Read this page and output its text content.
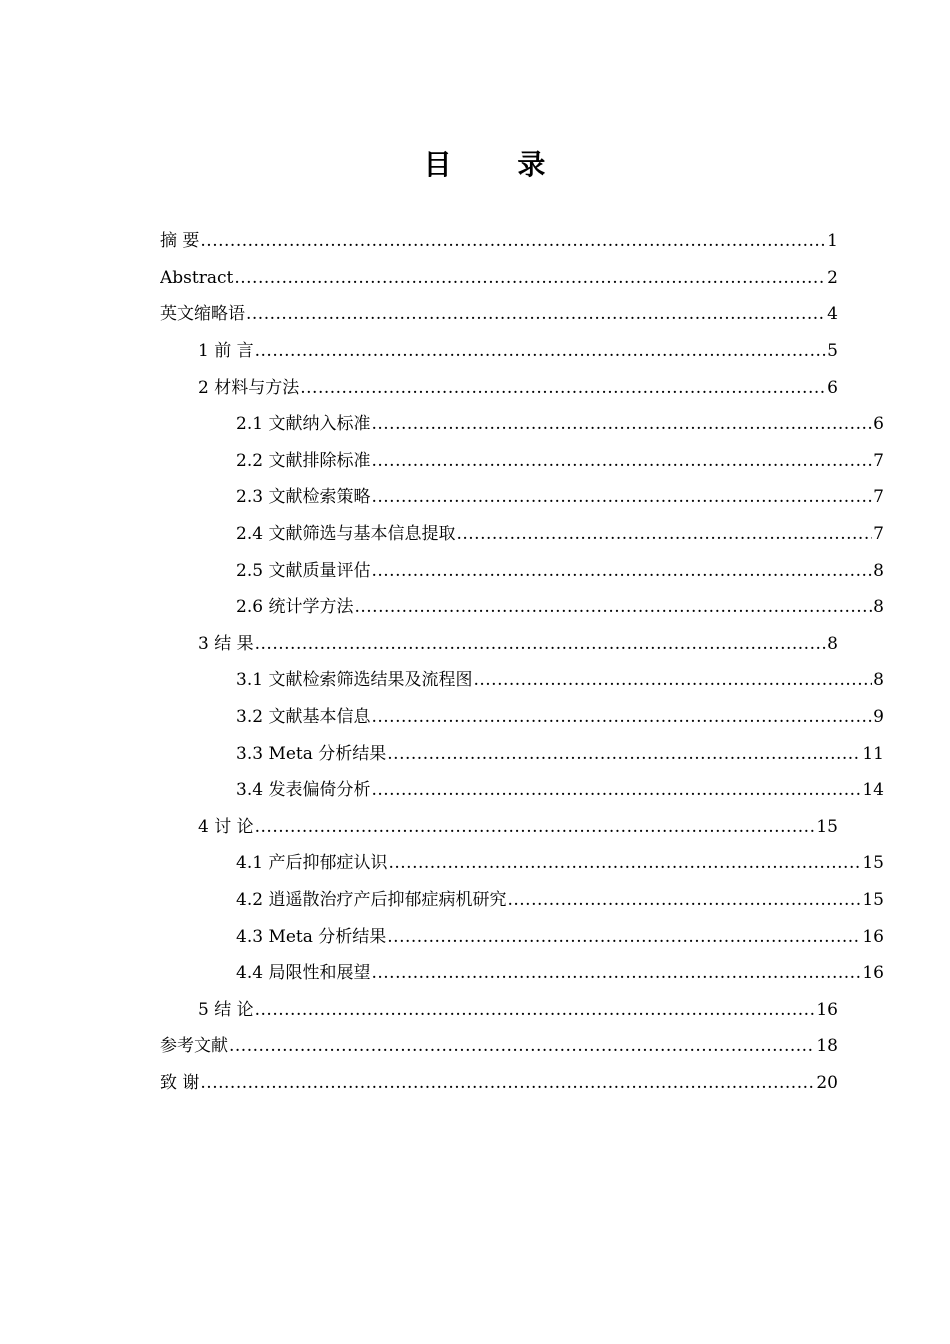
目 录
摘 要 .....	1
Abstract .....	2
英文缩略语 .....	4
1 前 言 .....	5
2 材料与方法 .....	6
2.1 文献纳入标准 .....	6
2.2 文献排除标准 .....	7
2.3 文献检索策略 .....	7
2.4 文献筛选与基本信息提取 .....	7
2.5 文献质量评估 .....	8
2.6 统计学方法 .....	8
3 结 果 .....	8
3.1 文献检索筛选结果及流程图 .....	8
3.2 文献基本信息 .....	9
3.3 Meta 分析结果 .....	11
3.4 发表偏倚分析 .....	14
4 讨 论 .....	15
4.1 产后抑郁症认识 .....	15
4.2 逍遥散治疗产后抑郁症病机研究 .....	15
4.3 Meta 分析结果 .....	16
4.4 局限性和展望 .....	16
5 结 论 .....	16
参考文献 .....	18
致 谢 .....	20
